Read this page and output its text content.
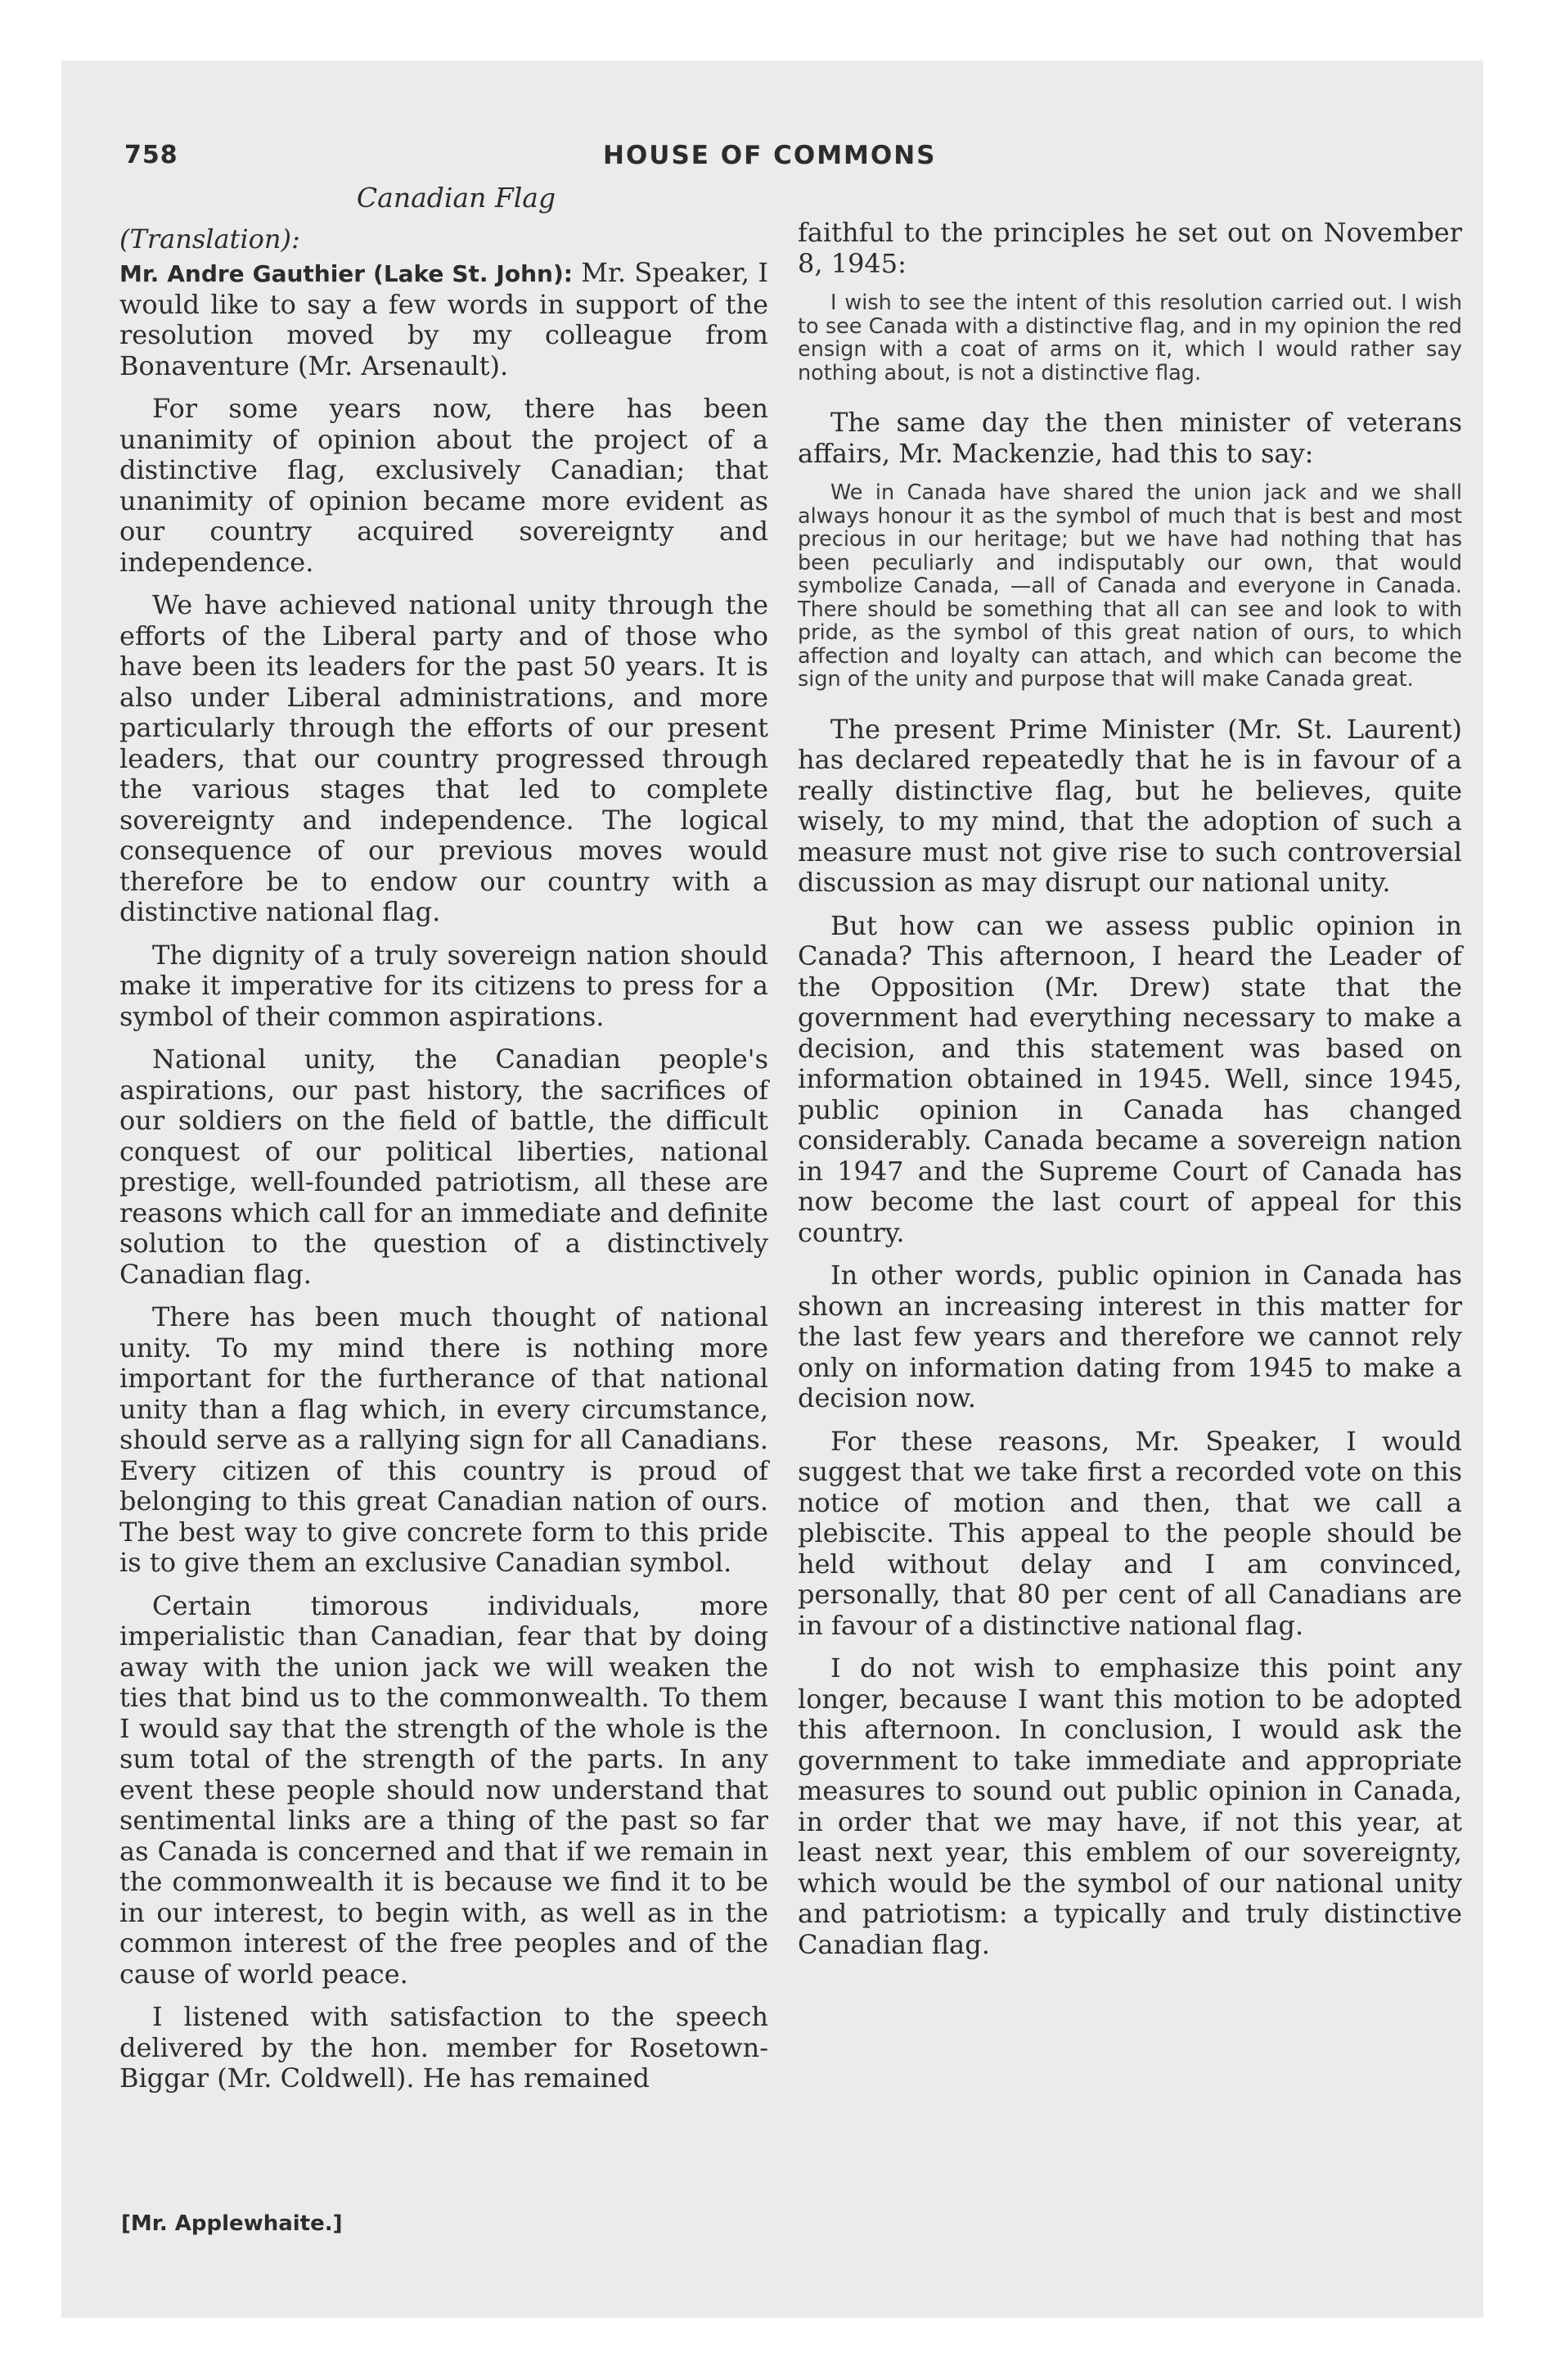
758	HOUSE OF COMMONS
Canadian Flag
(Translation):

Mr. Andre Gauthier (Lake St. John): Mr. Speaker, I would like to say a few words in support of the resolution moved by my colleague from Bonaventure (Mr. Arsenault).

For some years now, there has been unanimity of opinion about the project of a distinctive flag, exclusively Canadian; that unanimity of opinion became more evident as our country acquired sovereignty and independence.

We have achieved national unity through the efforts of the Liberal party and of those who have been its leaders for the past 50 years. It is also under Liberal administrations, and more particularly through the efforts of our present leaders, that our country progressed through the various stages that led to complete sovereignty and independence. The logical consequence of our previous moves would therefore be to endow our country with a distinctive national flag.

The dignity of a truly sovereign nation should make it imperative for its citizens to press for a symbol of their common aspirations.

National unity, the Canadian people's aspirations, our past history, the sacrifices of our soldiers on the field of battle, the difficult conquest of our political liberties, national prestige, well-founded patriotism, all these are reasons which call for an immediate and definite solution to the question of a distinctively Canadian flag.

There has been much thought of national unity. To my mind there is nothing more important for the furtherance of that national unity than a flag which, in every circumstance, should serve as a rallying sign for all Canadians. Every citizen of this country is proud of belonging to this great Canadian nation of ours. The best way to give concrete form to this pride is to give them an exclusive Canadian symbol.

Certain timorous individuals, more imperialistic than Canadian, fear that by doing away with the union jack we will weaken the ties that bind us to the commonwealth. To them I would say that the strength of the whole is the sum total of the strength of the parts. In any event these people should now understand that sentimental links are a thing of the past so far as Canada is concerned and that if we remain in the commonwealth it is because we find it to be in our interest, to begin with, as well as in the common interest of the free peoples and of the cause of world peace.

I listened with satisfaction to the speech delivered by the hon. member for Rosetown-Biggar (Mr. Coldwell). He has remained

faithful to the principles he set out on November 8, 1945:

I wish to see the intent of this resolution carried out. I wish to see Canada with a distinctive flag, and in my opinion the red ensign with a coat of arms on it, which I would rather say nothing about, is not a distinctive flag.

The same day the then minister of veterans affairs, Mr. Mackenzie, had this to say:

We in Canada have shared the union jack and we shall always honour it as the symbol of much that is best and most precious in our heritage; but we have had nothing that has been peculiarly and indisputably our own, that would symbolize Canada, —all of Canada and everyone in Canada. There should be something that all can see and look to with pride, as the symbol of this great nation of ours, to which affection and loyalty can attach, and which can become the sign of the unity and purpose that will make Canada great.

The present Prime Minister (Mr. St. Laurent) has declared repeatedly that he is in favour of a really distinctive flag, but he believes, quite wisely, to my mind, that the adoption of such a measure must not give rise to such controversial discussion as may disrupt our national unity.

But how can we assess public opinion in Canada? This afternoon, I heard the Leader of the Opposition (Mr. Drew) state that the government had everything necessary to make a decision, and this statement was based on information obtained in 1945. Well, since 1945, public opinion in Canada has changed considerably. Canada became a sovereign nation in 1947 and the Supreme Court of Canada has now become the last court of appeal for this country.

In other words, public opinion in Canada has shown an increasing interest in this matter for the last few years and therefore we cannot rely only on information dating from 1945 to make a decision now.

For these reasons, Mr. Speaker, I would suggest that we take first a recorded vote on this notice of motion and then, that we call a plebiscite. This appeal to the people should be held without delay and I am convinced, personally, that 80 per cent of all Canadians are in favour of a distinctive national flag.

I do not wish to emphasize this point any longer, because I want this motion to be adopted this afternoon. In conclusion, I would ask the government to take immediate and appropriate measures to sound out public opinion in Canada, in order that we may have, if not this year, at least next year, this emblem of our sovereignty, which would be the symbol of our national unity and patriotism: a typically and truly distinctive Canadian flag.

[Mr. Applewhaite.]
